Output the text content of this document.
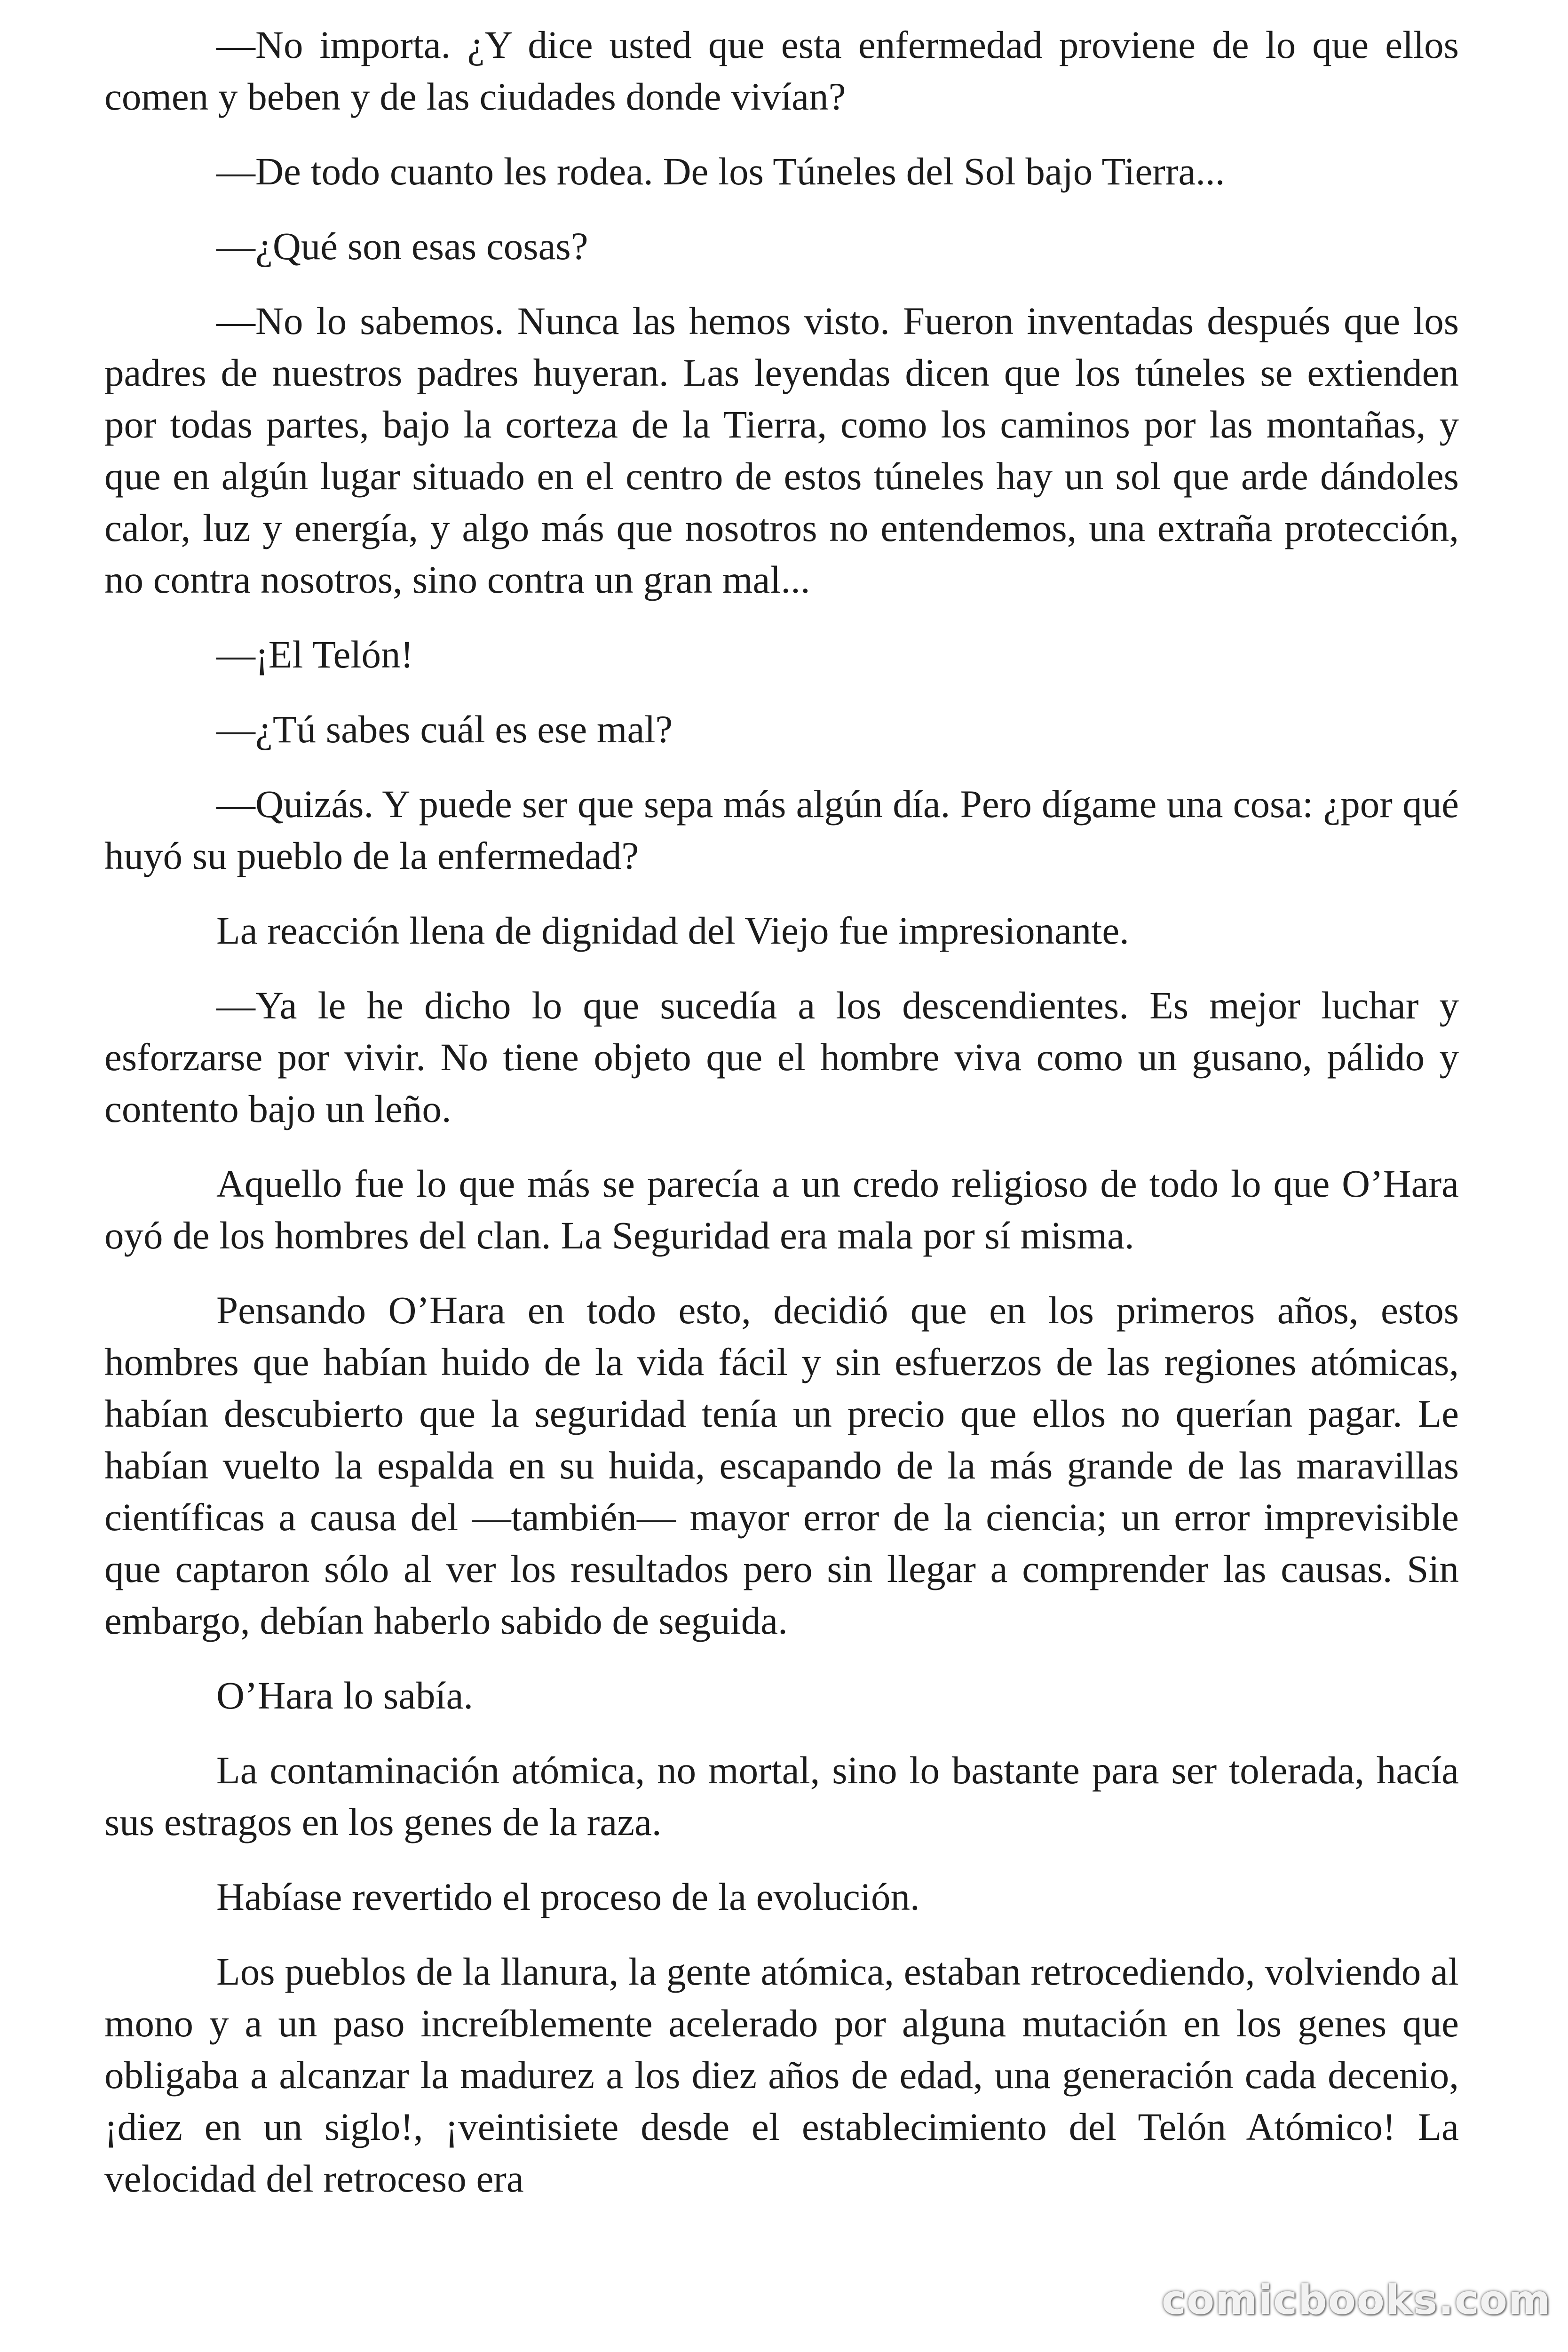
—No importa. ¿Y dice usted que esta enfermedad proviene de lo que ellos comen y beben y de las ciudades donde vivían?

—De todo cuanto les rodea. De los Túneles del Sol bajo Tierra...

—¿Qué son esas cosas?

—No lo sabemos. Nunca las hemos visto. Fueron inventadas después que los padres de nuestros padres huyeran. Las leyendas dicen que los túneles se extienden por todas partes, bajo la corteza de la Tierra, como los caminos por las montañas, y que en algún lugar situado en el centro de estos túneles hay un sol que arde dándoles calor, luz y energía, y algo más que nosotros no entendemos, una extraña protección, no contra nosotros, sino contra un gran mal...

—¡El Telón!

—¿Tú sabes cuál es ese mal?

—Quizás. Y puede ser que sepa más algún día. Pero dígame una cosa: ¿por qué huyó su pueblo de la enfermedad?

La reacción llena de dignidad del Viejo fue impresionante.

—Ya le he dicho lo que sucedía a los descendientes. Es mejor luchar y esforzarse por vivir. No tiene objeto que el hombre viva como un gusano, pálido y contento bajo un leño.

Aquello fue lo que más se parecía a un credo religioso de todo lo que O’Hara oyó de los hombres del clan. La Seguridad era mala por sí misma.

Pensando O’Hara en todo esto, decidió que en los primeros años, estos hombres que habían huido de la vida fácil y sin esfuerzos de las regiones atómicas, habían descubierto que la seguridad tenía un precio que ellos no querían pagar. Le habían vuelto la espalda en su huida, escapando de la más grande de las maravillas científicas a causa del —también— mayor error de la ciencia; un error imprevisible que captaron sólo al ver los resultados pero sin llegar a comprender las causas. Sin embargo, debían haberlo sabido de seguida.

O’Hara lo sabía.

La contaminación atómica, no mortal, sino lo bastante para ser tolerada, hacía sus estragos en los genes de la raza.

Habíase revertido el proceso de la evolución.

Los pueblos de la llanura, la gente atómica, estaban retrocediendo, volviendo al mono y a un paso increíblemente acelerado por alguna mutación en los genes que obligaba a alcanzar la madurez a los diez años de edad, una generación cada decenio, ¡diez en un siglo!, ¡veintisiete desde el establecimiento del Telón Atómico! La velocidad del retroceso era

comicbooks.com
